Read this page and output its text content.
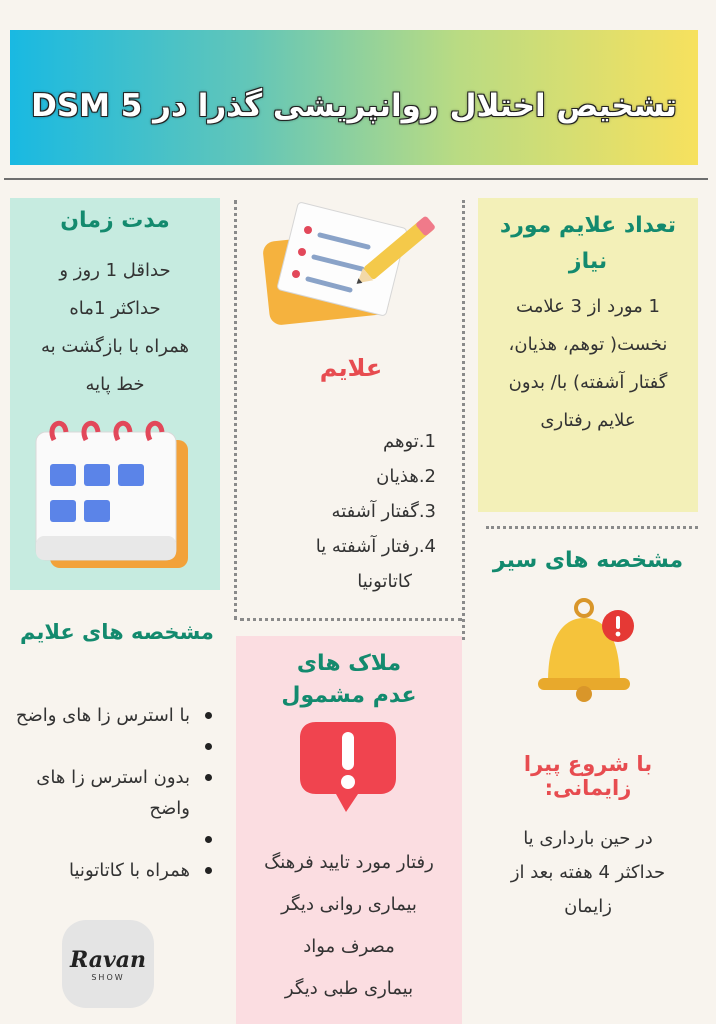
تشخیص اختلال روانپریشی گذرا در DSM 5
مدت زمان
حداقل 1 روز و
حداکثر 1ماه
همراه با بازگشت به
خط پایه
علایم
1.توهم
2.هذیان
3.گفتار آشفته
4.رفتار آشفته یا
کاتاتونیا
تعداد علایم مورد
نیاز
1 مورد از 3 علامت
نخست( توهم، هذیان،
گفتار آشفته) با/ بدون
علایم رفتاری
مشخصه های سیر
با شروع پیرا زایمانی:
در حین بارداری یا
حداکثر 4 هفته بعد از
زایمان
مشخصه های علایم
با استرس زا های واضح
بدون استرس زا های واضح
همراه با کاتاتونیا
ملاک های
عدم مشمول
رفتار مورد تایید فرهنگ
بیماری روانی دیگر
مصرف مواد
بیماری طبی دیگر
Ravan
SHOW
